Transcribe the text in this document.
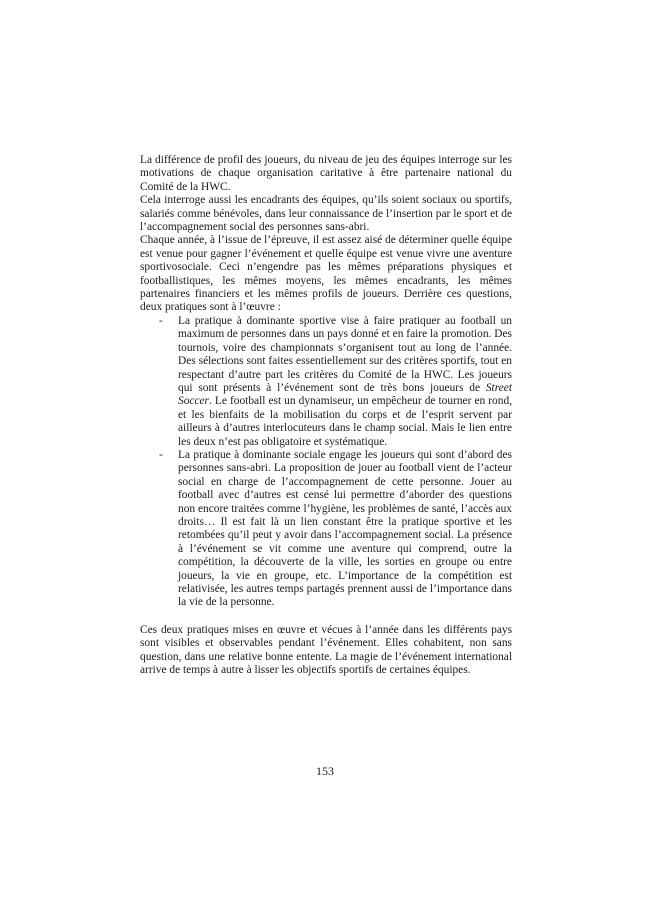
La différence de profil des joueurs, du niveau de jeu des équipes interroge sur les motivations de chaque organisation caritative à être partenaire national du Comité de la HWC.

Cela interroge aussi les encadrants des équipes, qu’ils soient sociaux ou sportifs, salariés comme bénévoles, dans leur connaissance de l’insertion par le sport et de l’accompagnement social des personnes sans-abri.

Chaque année, à l’issue de l’épreuve, il est assez aisé de déterminer quelle équipe est venue pour gagner l’événement et quelle équipe est venue vivre une aventure sportivosociale. Ceci n’engendre pas les mêmes préparations physiques et footballistiques, les mêmes moyens, les mêmes encadrants, les mêmes partenaires financiers et les mêmes profils de joueurs. Derrière ces questions, deux pratiques sont à l’œuvre :

- La pratique à dominante sportive vise à faire pratiquer au football un maximum de personnes dans un pays donné et en faire la promotion. Des tournois, voire des championnats s’organisent tout au long de l’année. Des sélections sont faites essentiellement sur des critères sportifs, tout en respectant d’autre part les critères du Comité de la HWC. Les joueurs qui sont présents à l’événement sont de très bons joueurs de Street Soccer. Le football est un dynamiseur, un empêcheur de tourner en rond, et les bienfaits de la mobilisation du corps et de l’esprit servent par ailleurs à d’autres interlocuteurs dans le champ social. Mais le lien entre les deux n’est pas obligatoire et systématique.
- La pratique à dominante sociale engage les joueurs qui sont d’abord des personnes sans-abri. La proposition de jouer au football vient de l’acteur social en charge de l’accompagnement de cette personne. Jouer au football avec d’autres est censé lui permettre d’aborder des questions non encore traitées comme l’hygiène, les problèmes de santé, l’accès aux droits… Il est fait là un lien constant être la pratique sportive et les retombées qu’il peut y avoir dans l’accompagnement social. La présence à l’événement se vit comme une aventure qui comprend, outre la compétition, la découverte de la ville, les sorties en groupe ou entre joueurs, la vie en groupe, etc. L’importance de la compétition est relativisée, les autres temps partagés prennent aussi de l’importance dans la vie de la personne.

Ces deux pratiques mises en œuvre et vécues à l’année dans les différents pays sont visibles et observables pendant l’événement. Elles cohabitent, non sans question, dans une relative bonne entente. La magie de l’événement international arrive de temps à autre à lisser les objectifs sportifs de certaines équipes.

153
